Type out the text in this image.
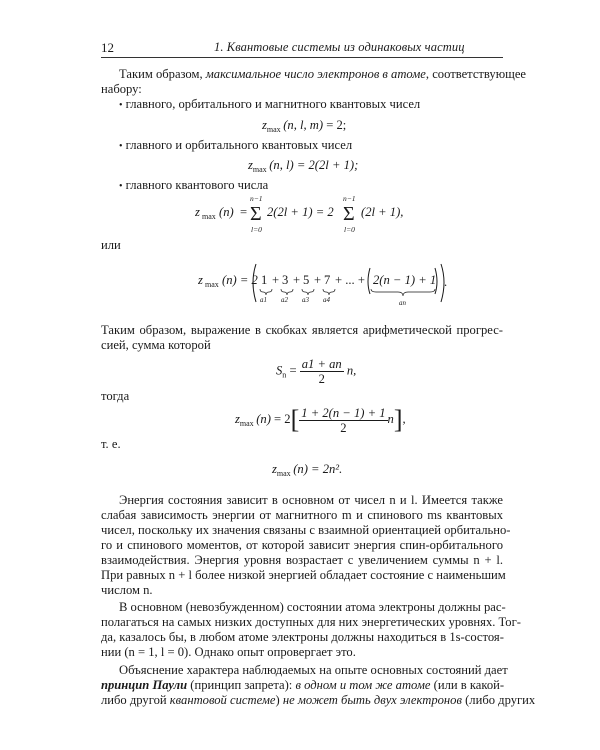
12	1. Квантовые системы из одинаковых частиц
Таким образом, максимальное число электронов в атоме, соответствующее
набору:
• главного, орбитального и магнитного квантовых чисел
$z_{max}$  (n, l, m) = 2;
• главного и орбитального квантовых чисел
$z_{max}$  (n, l) = 2(2l + 1);
• главного квантового числа
z max (n) =
n−1
Σ
l=0
2(2l + 1) = 2
n−1
Σ
l=0
(2l + 1),
или
z max (n) = 2 1
a1
+ 3
a2
+ 5
a3
+ 7
a4
+ ... + 2(n − 1) + 1
an
.
Таким образом, выражение в скобках является арифметической прогрес-
сией, сумма которой
$S_n = \frac{a1 + an}{2} n$,
тогда
$z_{max}$ $(n) = 2[ \frac{1 + 2(n - 1) + 1}{2} n]$,
т. е.
$z_{max}$  (n) = 2n².
Энергия состояния зависит в основном от чисел n и l. Имеется также
слабая зависимость энергии от магнитного m и спинового ms квантовых
чисел, поскольку их значения связаны с взаимной ориентацией орбитально-
го и спинового моментов, от которой зависит энергия спин-орбитального
взаимодействия. Энергия уровня возрастает с увеличением суммы n + l.
При равных n + l более низкой энергией обладает состояние с наименьшим
числом n.
В основном (невозбужденном) состоянии атома электроны должны рас-
полагаться на самых низких доступных для них энергетических уровнях. Тог-
да, казалось бы, в любом атоме электроны должны находиться в 1s-состоя-
нии (n = 1, l = 0). Однако опыт опровергает это.
Объяснение характера наблюдаемых на опыте основных состояний дает
принцип Паули (принцип запрета): в одном и том же атоме (или в какой-
либо другой квантовой системе) не может быть двух электронов (либо других
